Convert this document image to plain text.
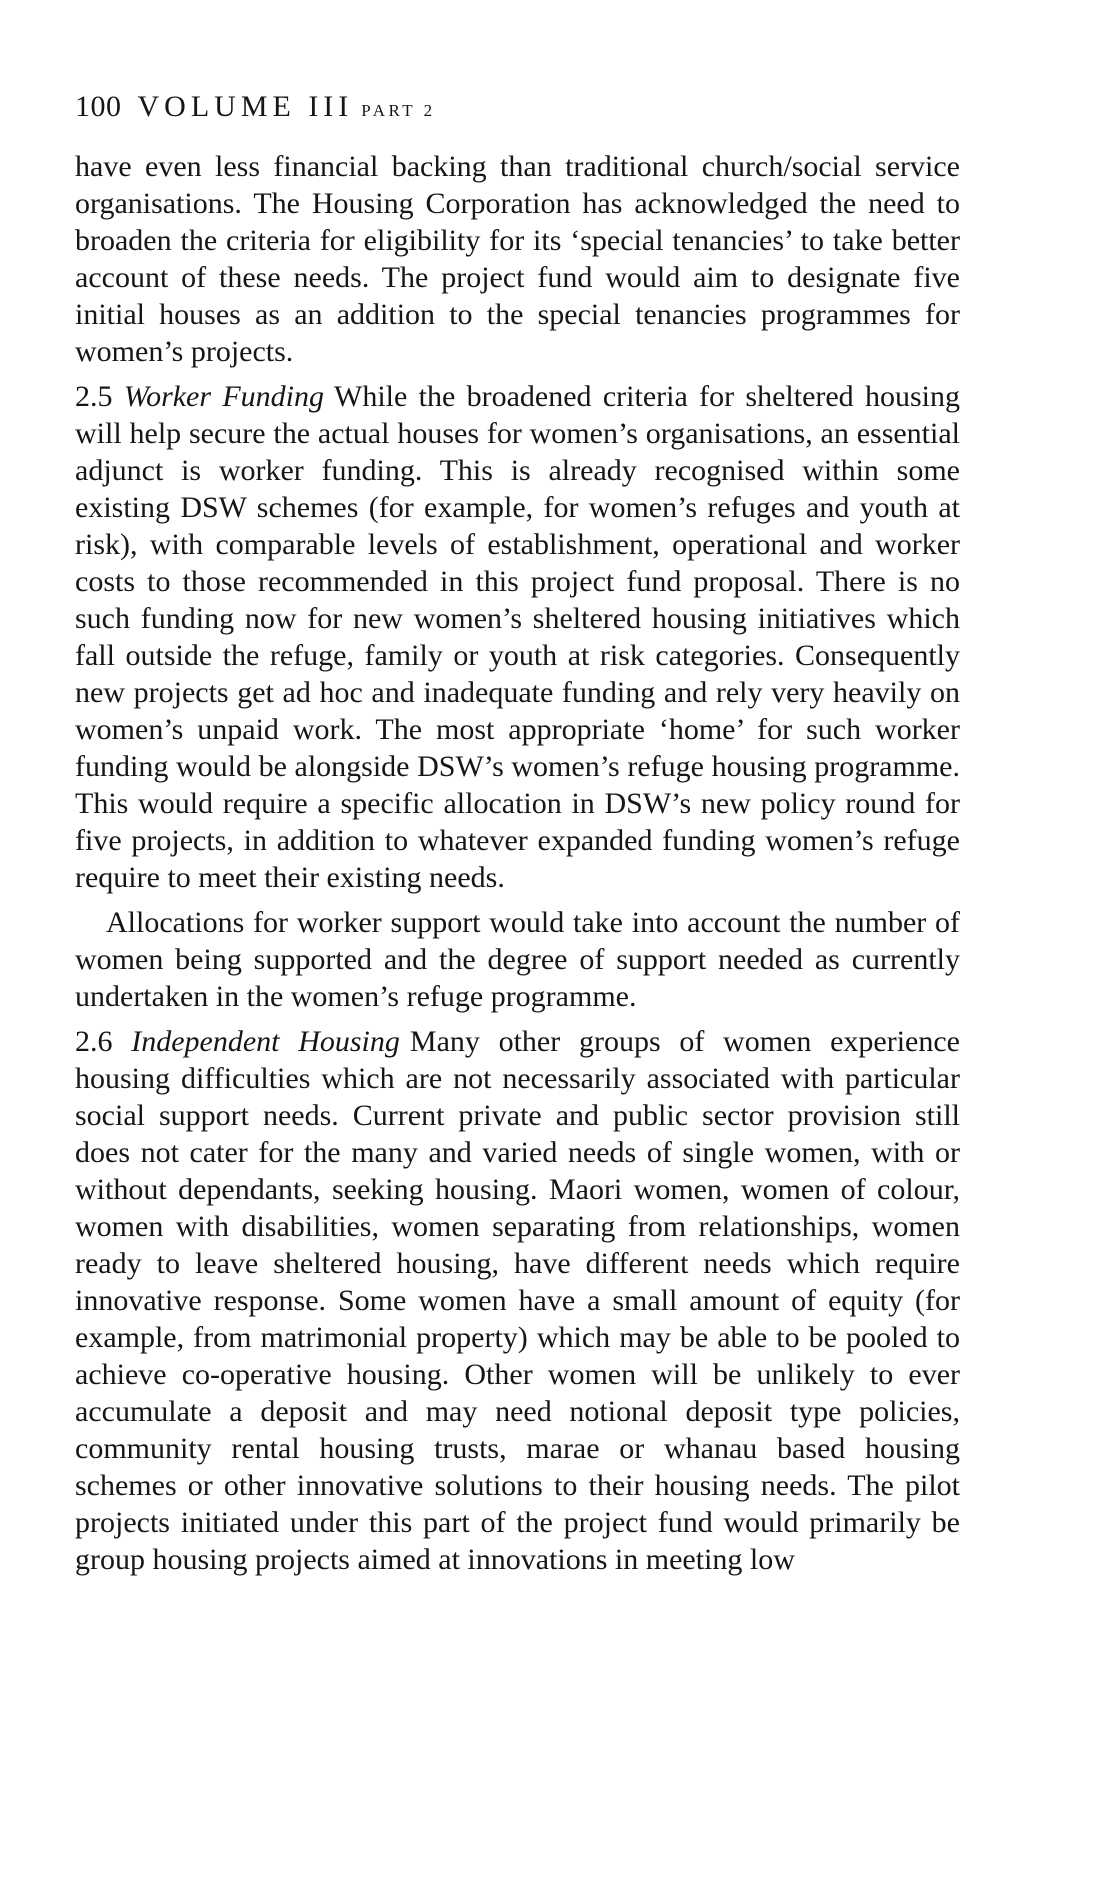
100 VOLUME III PART 2

have even less financial backing than traditional church/social service organisations. The Housing Corporation has acknowledged the need to broaden the criteria for eligibility for its ‘special tenancies’ to take better account of these needs. The project fund would aim to designate five initial houses as an addition to the special tenancies programmes for women’s projects.

2.5 Worker Funding While the broadened criteria for sheltered housing will help secure the actual houses for women’s organisations, an essential adjunct is worker funding. This is already recognised within some existing DSW schemes (for example, for women’s refuges and youth at risk), with comparable levels of establishment, operational and worker costs to those recommended in this project fund proposal. There is no such funding now for new women’s sheltered housing initiatives which fall outside the refuge, family or youth at risk categories. Consequently new projects get ad hoc and inadequate funding and rely very heavily on women’s unpaid work. The most appropriate ‘home’ for such worker funding would be alongside DSW’s women’s refuge housing programme. This would require a specific allocation in DSW’s new policy round for five projects, in addition to whatever expanded funding women’s refuge require to meet their existing needs.

Allocations for worker support would take into account the number of women being supported and the degree of support needed as currently undertaken in the women’s refuge programme.

2.6 Independent Housing Many other groups of women experience housing difficulties which are not necessarily associated with particular social support needs. Current private and public sector provision still does not cater for the many and varied needs of single women, with or without dependants, seeking housing. Maori women, women of colour, women with disabilities, women separating from relationships, women ready to leave sheltered housing, have different needs which require innovative response. Some women have a small amount of equity (for example, from matrimonial property) which may be able to be pooled to achieve co-operative housing. Other women will be unlikely to ever accumulate a deposit and may need notional deposit type policies, community rental housing trusts, marae or whanau based housing schemes or other innovative solutions to their housing needs. The pilot projects initiated under this part of the project fund would primarily be group housing projects aimed at innovations in meeting low
